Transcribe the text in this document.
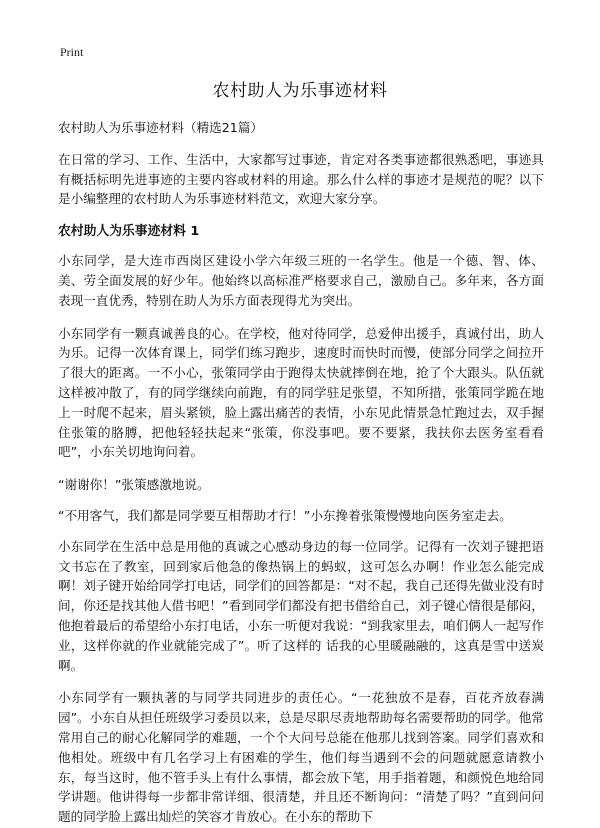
Print
农村助人为乐事迹材料

农村助人为乐事迹材料（精选21篇）

在日常的学习、工作、生活中，大家都写过事迹，肯定对各类事迹都很熟悉吧，事迹具有概括标明先进事迹的主要内容或材料的用途。那么什么样的事迹才是规范的呢？以下是小编整理的农村助人为乐事迹材料范文，欢迎大家分享。

农村助人为乐事迹材料 1

小东同学，是大连市西岗区建设小学六年级三班的一名学生。他是一个德、智、体、美、劳全面发展的好少年。他始终以高标准严格要求自己，激励自己。多年来，各方面表现一直优秀，特别在助人为乐方面表现得尤为突出。

小东同学有一颗真诚善良的心。在学校，他对待同学，总爱伸出援手，真诚付出，助人为乐。记得一次体育课上，同学们练习跑步，速度时而快时而慢，使部分同学之间拉开了很大的距离。一不小心，张策同学由于跑得太快就摔倒在地，抢了个大跟头。队伍就这样被冲散了，有的同学继续向前跑，有的同学驻足张望，不知所措，张策同学跪在地上一时爬不起来，眉头紧锁，脸上露出痛苦的表情，小东见此情景急忙跑过去，双手握住张策的胳膊，把他轻轻扶起来“张策，你没事吧。要不要紧，我扶你去医务室看看吧”，小东关切地询问着。

“谢谢你！”张策感激地说。

“不用客气，我们都是同学要互相帮助才行！”小东搀着张策慢慢地向医务室走去。

小东同学在生活中总是用他的真诚之心感动身边的每一位同学。记得有一次刘子键把语文书忘在了教室，回到家后他急的像热锅上的蚂蚁，这可怎么办啊！作业怎么能完成啊！刘子键开始给同学打电话，同学们的回答都是：“对不起，我自己还得先做业没有时间，你还是找其他人借书吧！”看到同学们都没有把书借给自己，刘子键心情很是郁闷，他抱着最后的希望给小东打电话，小东一听便对我说：“到我家里去，咱们俩人一起写作业，这样你就的作业就能完成了”。听了这样的 话我的心里暖融融的，这真是雪中送炭啊。

小东同学有一颗执著的与同学共同进步的责任心。“一花独放不是春，百花齐放春满园”。小东自从担任班级学习委员以来，总是尽职尽责地帮助每名需要帮助的同学。他常常用自己的耐心化解同学的难题，一个个大问号总能在他那儿找到答案。同学们喜欢和他相处。班级中有几名学习上有困难的学生，他们每当遇到不会的问题就愿意请教小东，每当这时，他不管手头上有什么事情，都会放下笔，用手指着题，和颜悦色地给同学讲题。他讲得每一步都非常详细、很清楚，并且还不断询问：“清楚了吗？”直到问问题的同学脸上露出灿烂的笑容才肯放心。在小东的帮助下
